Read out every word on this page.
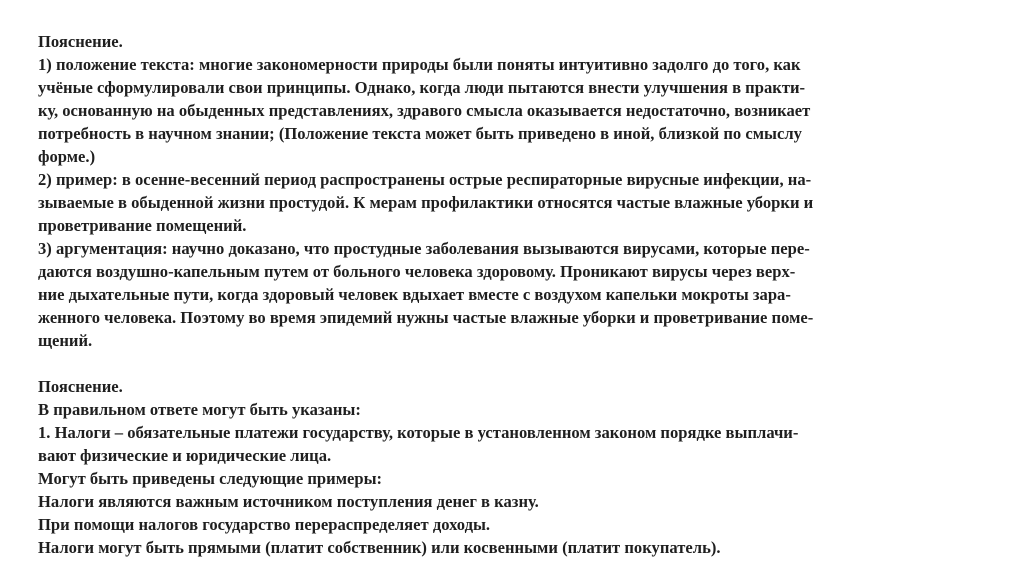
Пояснение.
1) положение текста: многие закономерности природы были поняты интуитивно задолго до того, как
учёные сформулировали свои принципы. Однако, когда люди пытаются внести улучшения в практи-
ку, основанную на обыденных представлениях, здравого смысла оказывается недостаточно, возникает
потребность в научном знании; (Положение текста может быть приведено в иной, близкой по смыслу
форме.)
2) пример: в осенне-весенний период распространены острые респираторные вирусные инфекции, на-
зываемые в обыденной жизни простудой. К мерам профилактики относятся частые влажные уборки и
проветривание помещений.
3) аргументация: научно доказано, что простудные заболевания вызываются вирусами, которые пере-
даются воздушно-капельным путем от больного человека здоровому. Проникают вирусы через верх-
ние дыхательные пути, когда здоровый человек вдыхает вместе с воздухом капельки мокроты зара-
женного человека. Поэтому во время эпидемий нужны частые влажные уборки и проветривание поме-
щений.
Пояснение.
В правильном ответе могут быть указаны:
1. Налоги – обязательные платежи государству, которые в установленном законом порядке выплачи-
вают физические и юридические лица.
Могут быть приведены следующие примеры:
Налоги являются важным источником поступления денег в казну.
При помощи налогов государство перераспределяет доходы.
Налоги могут быть прямыми (платит собственник) или косвенными (платит покупатель).
